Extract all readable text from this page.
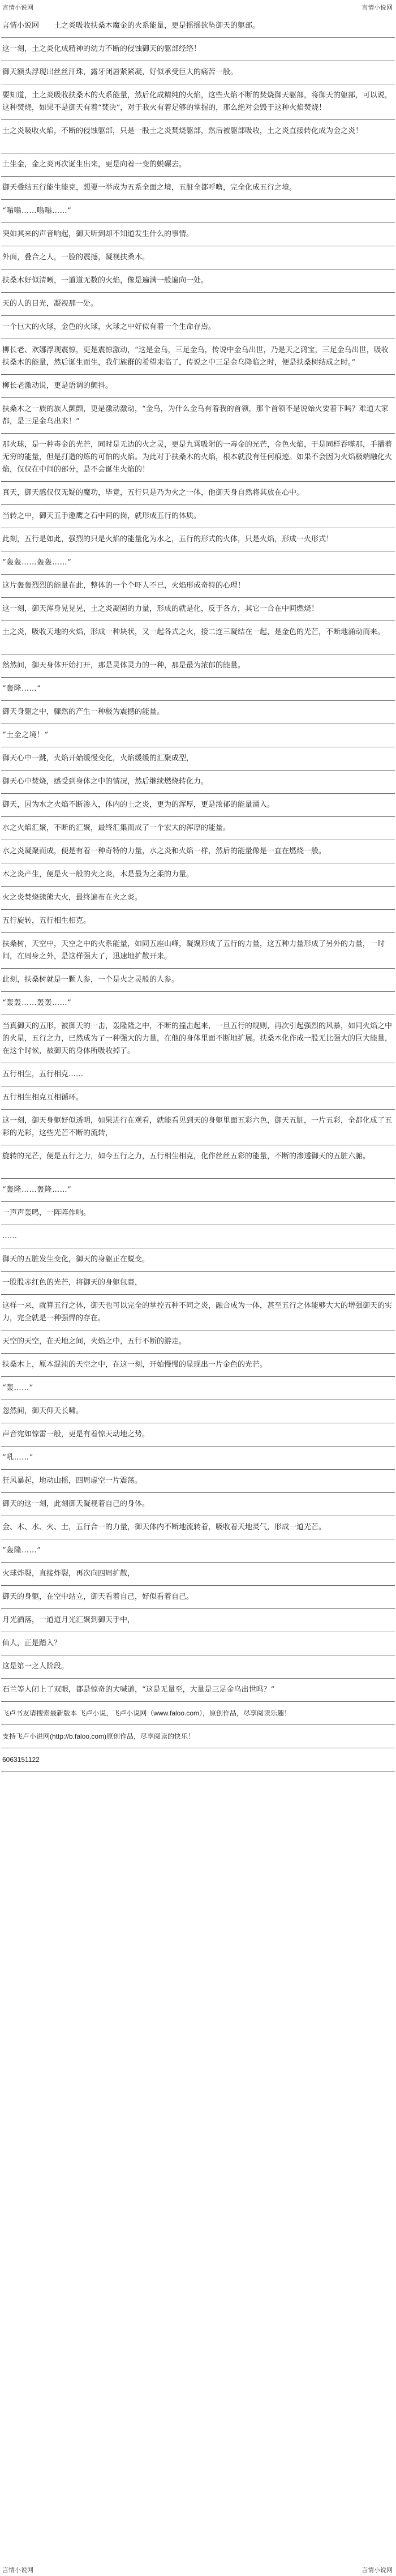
言情小说网	言情小说网
言情小说网　　土之炎吸收扶桑木魔金的火系能量，更是摇摇欲坠御天的躯部。
这一刻，土之炎化成精神的幼力不断的侵蚀御天的躯部经络！
御天额头浮现出丝丝汗珠，露牙闭唇紧紧凝，好似承受巨大的痛苦一般。
要知道，土之炎吸收扶桑木的火系能量，然后化成精纯的火焰，这些火焰不断的焚烧御天躯部，将御天的躯部，可以说，这种焚烧，如果不是御天有着“焚决”，对于我火有着足够的掌握的，那么绝对会毁于这种火焰焚烧！
土之炎吸收火焰，不断的侵蚀躯部，只是一股土之炎焚烧躯部，然后被躯部吸收，土之炎直接转化成为金之炎！
土生金，金之炎再次诞生出来，更是向着一变的蜕碾去。
御天叠结五行能生能克，想要一举成为五系全面之境，五脏全都呼噜，完全化成五行之境。
“嗡嗡……嗡嗡……”
突如其来的声音响起，御天听到却不知道发生什么的事情。
外面，叠合之人，一脸的震撼，凝视扶桑木。
扶桑木好似清晰，一道道无数的火焰，像是遍满一般遍向一处。
天的人的目光，凝视那一处。
一个巨大的火球，金色的火球，火球之中好似有着一个生命存焉。
柳长老、欢娜浮现震惊，更是震惊激动，“这是金乌，三足金乌，传说中金乌出世，乃是天之鸿宝，三足金乌出世，吸收扶桑木的能量，然后诞生而生，我们族群的希望来临了，传说之中三足金乌降临之时，便是扶桑树结成之时。”
柳长老激动说，更是语调的颤抖。
扶桑木之一族的族人颤颤，更是激动激动，“金乌，为什么金乌有着我的首领，那个首领不是说始火要着下吗？难道大家都，是三足金乌出来！”
那火球，是一种毒金的光芒，同时是无边的火之灵，更是九霄吸附的一毒金的光芒，金色火焰，于是同样吞噬那，手播着无穷的能量，但是打造的炼的可怕的火焰。为此对于扶桑木的火焰，根本就没有任何痕迹。如果不会因为火焰极端融化火焰，仅仅在中间的部分，是不会诞生火焰的！
真天，御天感仅仅无疑的魔功，毕竟，五行只是乃为火之一体，他御天身自然将其放在心中。
当转之中，御天五手邀鹰之石中间的岗，就形成五行的体质。
此刻，五行是如此，强烈的只是火焰的能量化为水之，五行的形式的火体，只是火焰，形成一火形式！
“轰轰……轰轰……”
这片轰轰烈烈的能量在此，整体的一个个吓人不已，火焰形成奇特的心理！
这一刻，御天浑身晃晃晃，土之炎凝固的力量，形成的就是化，反于各方，其它一合在中间燃烧！
土之炎，吸收天地的火焰，形成一种块状，又一起各式之火，接二连三凝结在一起，是金色的光芒，不断地涌动而来。
然然间，御天身体开始打开，那是灵体灵力的一种，那是最为浓郁的能量。
“轰隆……”
御天身躯之中，骤然的产生一种极为震撼的能量。
“土金之境！”
御天心中一跳，火焰开始缓慢变化，火焰缓缓的汇聚成型，
御天心中焚烧，感受到身体之中的情况，然后继续燃烧转化力。
御天，因为水之火焰不断渗入，体内的土之炎，更为的浑厚，更是浓郁的能量涌入。
水之火焰汇聚，不断的汇聚，最终汇集而成了一个宏大的浑厚的能量。
水之炎凝聚而成，便是有着一种奇特的力量，水之炎和火焰一样，然后的能量像是一直在燃烧一般。
木之炎产生，便是火一般的火之炎，木是最为之柔的力量。
火之炎焚烧熊熊大火，最终遍布在火之炎。
五行旋转，五行相生相克。
扶桑树，天空中，天空之中的火系能量，如同五座山峰，凝聚形成了五行的力量，这五种力量形成了另外的力量，一时间，在周身之外，是这样强大了，迅速地扩散开来。
此刻，扶桑树就是一颗人参，一个是火之灵般的人参。
“轰轰……轰轰……”
当真御天的五形，被御天的一击，轰隆隆之中，不断的撞击起来，一旦五行的规则，再次引起强烈的风暴，如同火焰之中的火星，五行之力，已然成为了一种强大的力量，在他的身体里面不断地扩展。扶桑木化作成一股无比强大的巨大能量，在这个时候，被御天的身体所吸收掉了。
五行相生，五行相克……
五行相生相克互相循环。
这一刻，御天身躯好似透明，如果进行在观看，就能看见到天的身躯里面五彩六色，御天五脏，一片五彩，全都化成了五彩的光彩，这些光芒不断的流转，
旋转的光芒，便是五行之力，如今五行之力，五行相生相克，化作丝丝五彩的能量，不断的渗透御天的五脏六腑。
“轰隆……轰隆……”
一声声轰鸣，一阵阵作响。
……
御天的五脏发生变化，御天的身躯正在蜕变。
一股股赤红色的光芒，将御天的身躯包裹，
这样一来，就算五行之体，御天也可以完全的掌控五种不同之炎，融合成为一体，甚至五行之体能够大大的增强御天的实力，完全就是一种强悍的存在。
天空的天空，在天地之间，火焰之中，五行不断的游走。
扶桑木上，原本混沌的天空之中，在这一刻，开始慢慢的显现出一片金色的光芒。
“轰……”
忽然间，御天仰天长啸。
声音宛如惊雷一般，更是有着惊天动地之势。
“吼……”
狂风暴起，地动山摇，四周虚空一片震荡。
御天的这一刻，此刻御天凝视着自己的身体。
金、木、水、火、土，五行合一的力量，御天体内不断地流转着，吸收着天地灵气，形成一道光芒。
“轰隆……”
火球炸裂，直接炸裂，再次向四周扩散，
御天的身躯，在空中站立，御天看着自己，好似看着自己。
月光洒落，一道道月光汇聚到御天手中，
仙人，正是踏入？
这是第一之人阶段。
石兰等人闭上了双眼，都是惊奇的大喊道，“这是无量至，大量是三足金乌出世吗？”
飞卢书友请搜索最新版本 飞卢小说，飞卢小说网（www.faloo.com），原创作品，尽享阅读乐趣！
支持飞卢小说网(http://b.faloo.com)原创作品，尽享阅读的快乐！
6063151122
言情小说网	言情小说网
